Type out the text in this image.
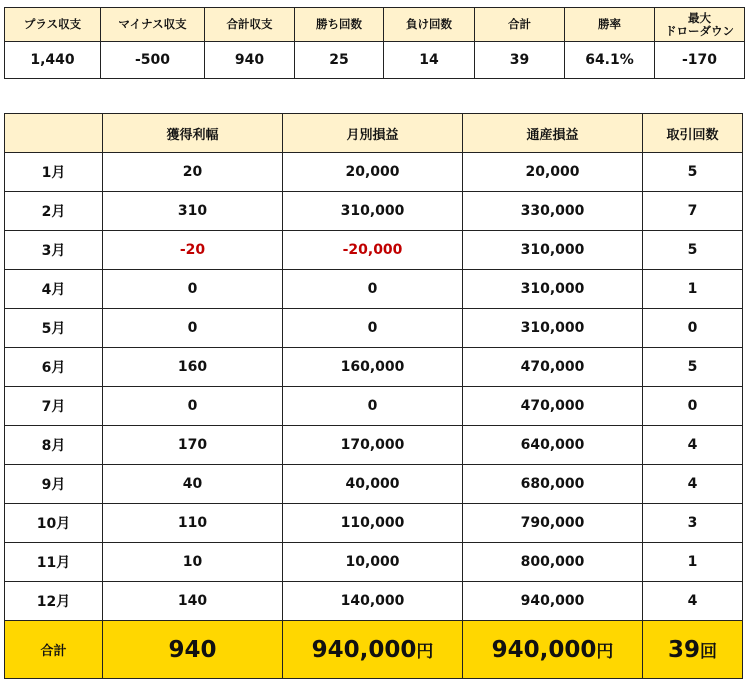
プラス収支	マイナス収支	合計収支	勝ち回数	負け回数	合計	勝率	最大
ドローダウン

1,440	-500	940	25	14	39	64.1%	-170
	獲得利幅	月別損益	通産損益	取引回数
1月	20	20,000	20,000	5
2月	310	310,000	330,000	7
3月	-20	-20,000	310,000	5
4月	0	0	310,000	1
5月	0	0	310,000	0
6月	160	160,000	470,000	5
7月	0	0	470,000	0
8月	170	170,000	640,000	4
9月	40	40,000	680,000	4
10月	110	110,000	790,000	3
11月	10	10,000	800,000	1
12月	140	140,000	940,000	4
合計	940	940,000円	940,000円	39回
